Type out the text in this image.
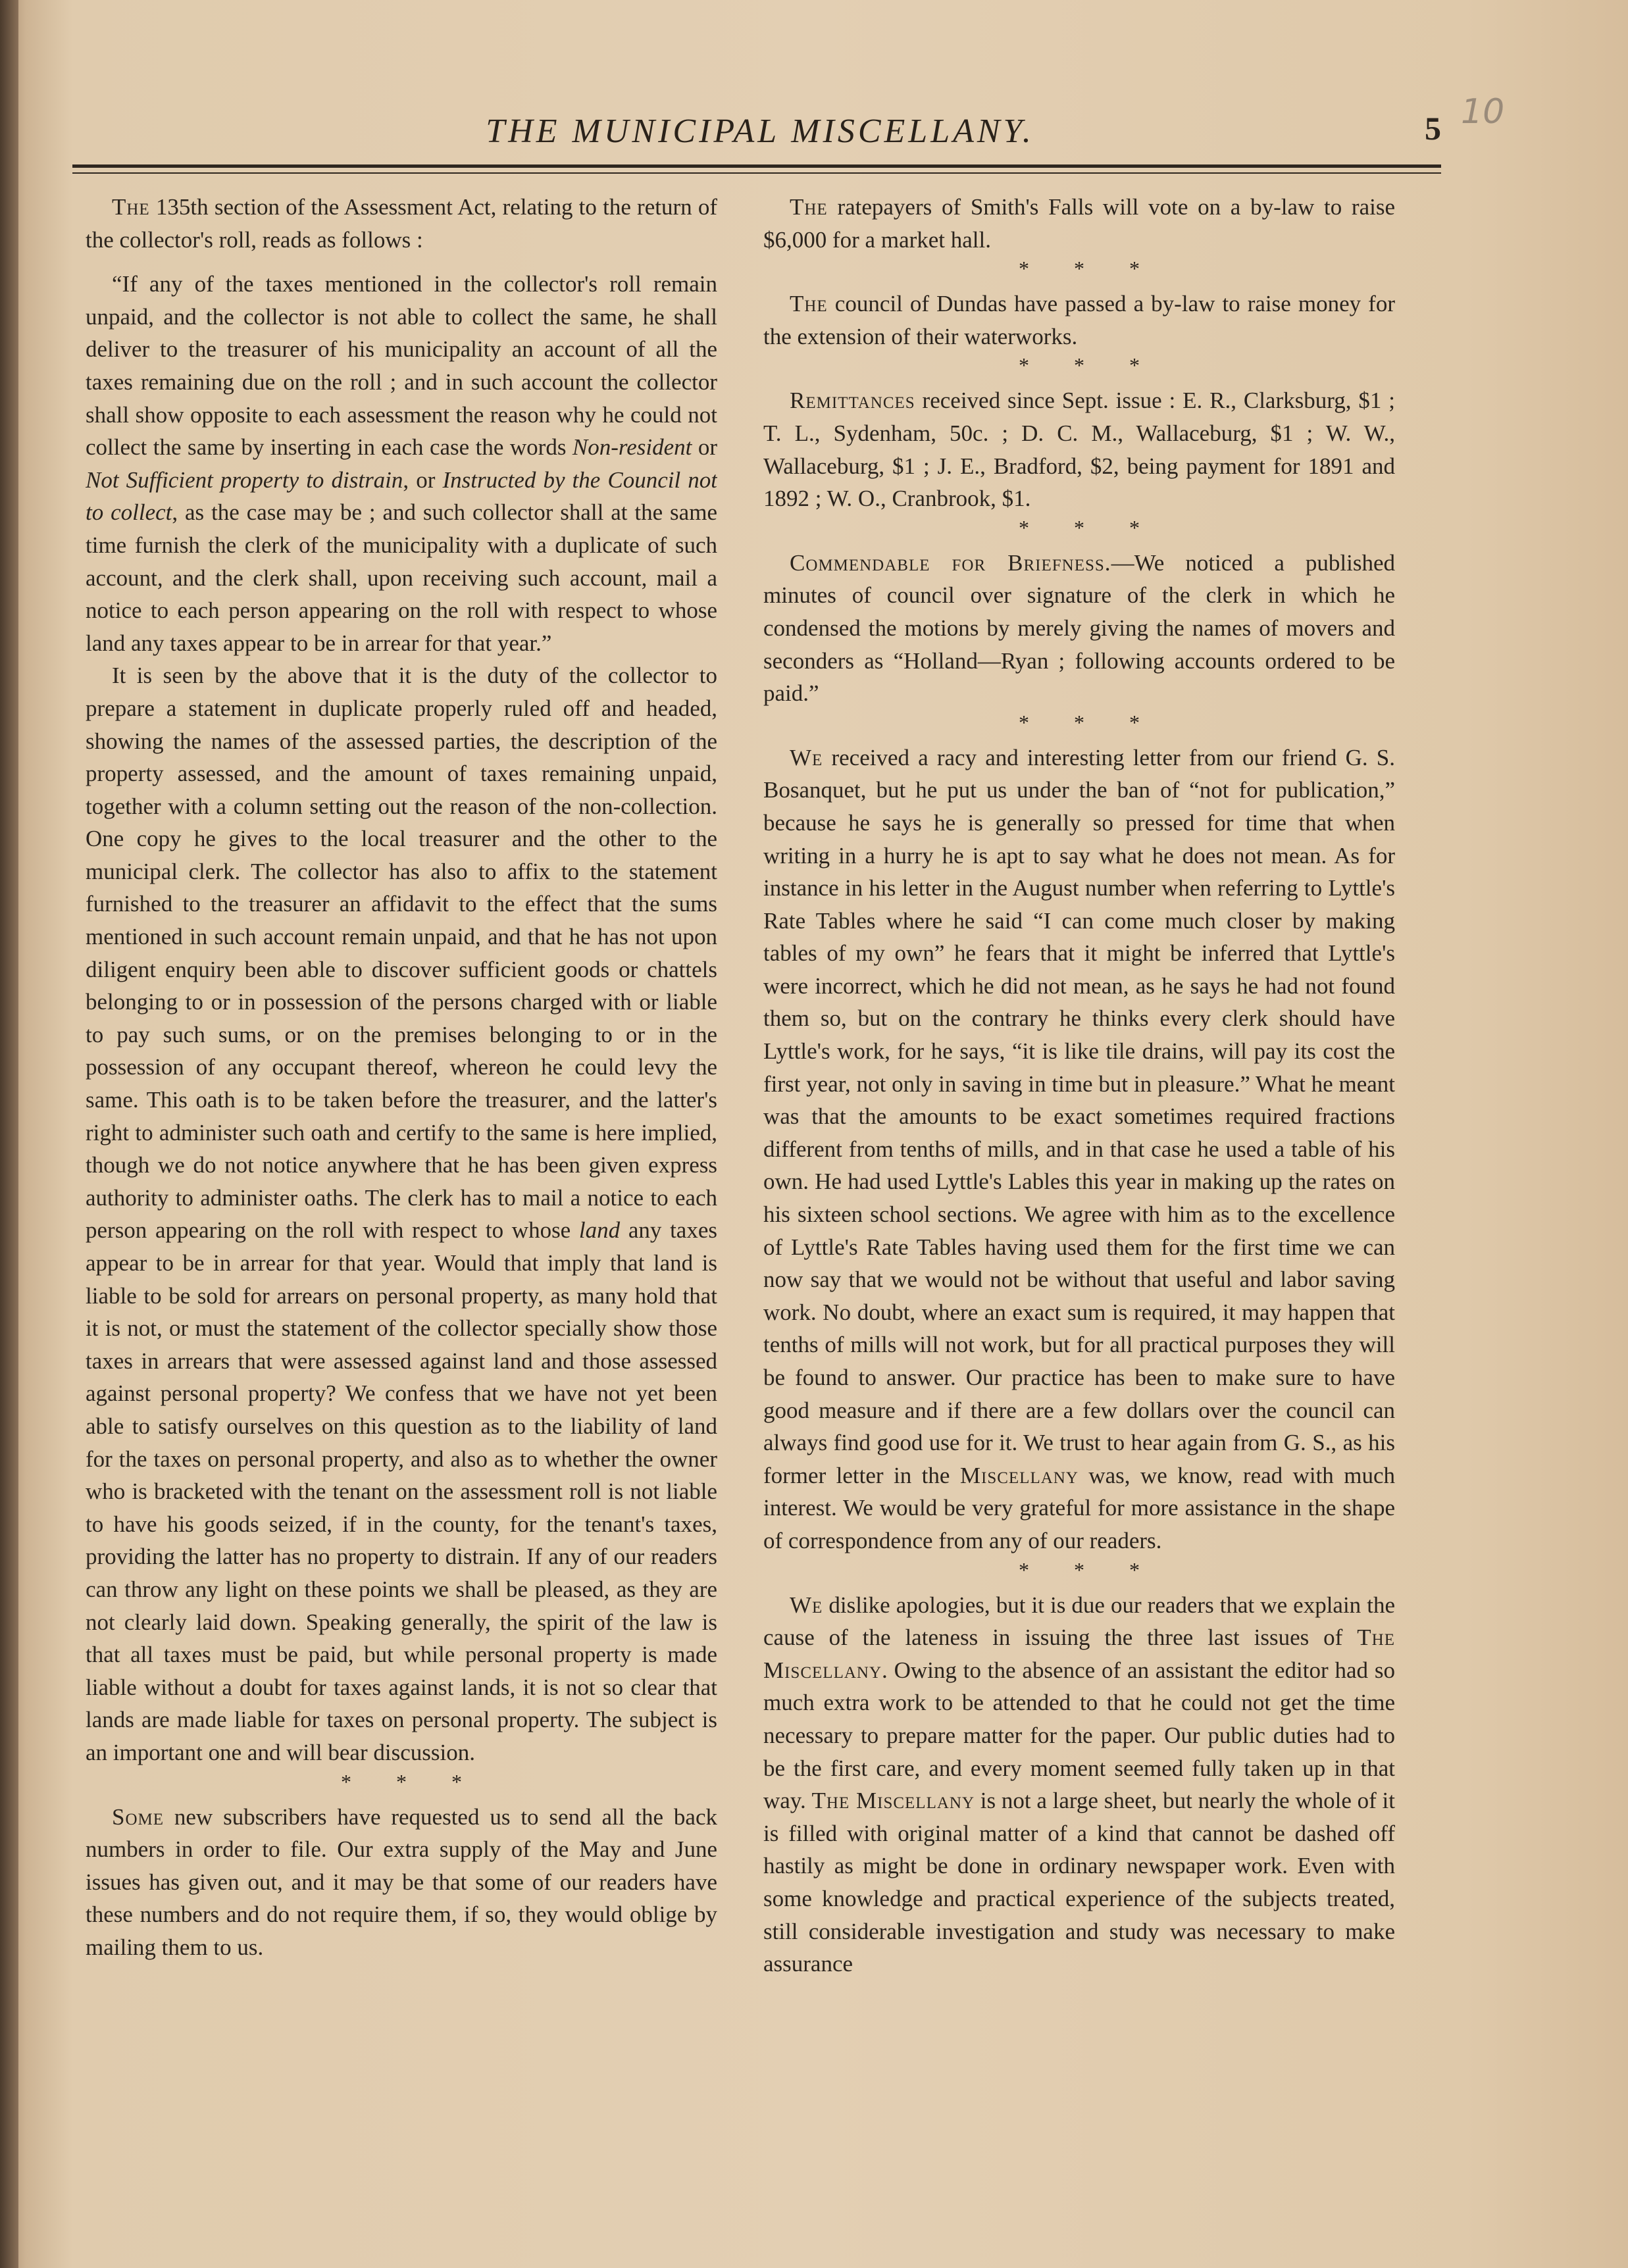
THE MUNICIPAL MISCELLANY.	5 10

The 135th section of the Assessment Act, relating to the return of the collector's roll, reads as follows :

“If any of the taxes mentioned in the collector's roll remain unpaid, and the collector is not able to collect the same, he shall deliver to the treasurer of his municipality an account of all the taxes remaining due on the roll ; and in such account the collector shall show opposite to each assessment the reason why he could not collect the same by inserting in each case the words Non-resident or Not Sufficient property to distrain, or Instructed by the Council not to collect, as the case may be ; and such collector shall at the same time furnish the clerk of the municipality with a duplicate of such account, and the clerk shall, upon receiving such account, mail a notice to each person appearing on the roll with respect to whose land any taxes appear to be in arrear for that year.”

It is seen by the above that it is the duty of the collector to prepare a statement in duplicate properly ruled off and headed, showing the names of the assessed parties, the description of the property assessed, and the amount of taxes remaining unpaid, together with a column setting out the reason of the non-collection. One copy he gives to the local treasurer and the other to the municipal clerk. The collector has also to affix to the statement furnished to the treasurer an affidavit to the effect that the sums mentioned in such account remain unpaid, and that he has not upon diligent enquiry been able to discover sufficient goods or chattels belonging to or in possession of the persons charged with or liable to pay such sums, or on the premises belonging to or in the possession of any occupant thereof, whereon he could levy the same. This oath is to be taken before the treasurer, and the latter's right to administer such oath and certify to the same is here implied, though we do not notice anywhere that he has been given express authority to administer oaths. The clerk has to mail a notice to each person appearing on the roll with respect to whose land any taxes appear to be in arrear for that year. Would that imply that land is liable to be sold for arrears on personal property, as many hold that it is not, or must the statement of the collector specially show those taxes in arrears that were assessed against land and those assessed against personal property? We confess that we have not yet been able to satisfy ourselves on this question as to the liability of land for the taxes on personal property, and also as to whether the owner who is bracketed with the tenant on the assessment roll is not liable to have his goods seized, if in the county, for the tenant's taxes, providing the latter has no property to distrain. If any of our readers can throw any light on these points we shall be pleased, as they are not clearly laid down. Speaking generally, the spirit of the law is that all taxes must be paid, but while personal property is made liable without a doubt for taxes against lands, it is not so clear that lands are made liable for taxes on personal property. The subject is an important one and will bear discussion.

* * *

Some new subscribers have requested us to send all the back numbers in order to file. Our extra supply of the May and June issues has given out, and it may be that some of our readers have these numbers and do not require them, if so, they would oblige by mailing them to us.

The ratepayers of Smith's Falls will vote on a by-law to raise $6,000 for a market hall.

* * *

The council of Dundas have passed a by-law to raise money for the extension of their waterworks.

* * *

Remittances received since Sept. issue : E. R., Clarksburg, $1 ; T. L., Sydenham, 50c. ; D. C. M., Wallaceburg, $1 ; W. W., Wallaceburg, $1 ; J. E., Bradford, $2, being payment for 1891 and 1892 ; W. O., Cranbrook, $1.

* * *

Commendable for Briefness.—We noticed a published minutes of council over signature of the clerk in which he condensed the motions by merely giving the names of movers and seconders as “Holland—Ryan ; following accounts ordered to be paid.”

* * *

We received a racy and interesting letter from our friend G. S. Bosanquet, but he put us under the ban of “not for publication,” because he says he is generally so pressed for time that when writing in a hurry he is apt to say what he does not mean. As for instance in his letter in the August number when referring to Lyttle's Rate Tables where he said “I can come much closer by making tables of my own” he fears that it might be inferred that Lyttle's were incorrect, which he did not mean, as he says he had not found them so, but on the contrary he thinks every clerk should have Lyttle's work, for he says, “it is like tile drains, will pay its cost the first year, not only in saving in time but in pleasure.” What he meant was that the amounts to be exact sometimes required fractions different from tenths of mills, and in that case he used a table of his own. He had used Lyttle's Lables this year in making up the rates on his sixteen school sections. We agree with him as to the excellence of Lyttle's Rate Tables having used them for the first time we can now say that we would not be without that useful and labor saving work. No doubt, where an exact sum is required, it may happen that tenths of mills will not work, but for all practical purposes they will be found to answer. Our practice has been to make sure to have good measure and if there are a few dollars over the council can always find good use for it. We trust to hear again from G. S., as his former letter in the Miscellany was, we know, read with much interest. We would be very grateful for more assistance in the shape of correspondence from any of our readers.

* * *

We dislike apologies, but it is due our readers that we explain the cause of the lateness in issuing the three last issues of The Miscellany. Owing to the absence of an assistant the editor had so much extra work to be attended to that he could not get the time necessary to prepare matter for the paper. Our public duties had to be the first care, and every moment seemed fully taken up in that way. The Miscellany is not a large sheet, but nearly the whole of it is filled with original matter of a kind that cannot be dashed off hastily as might be done in ordinary newspaper work. Even with some knowledge and practical experience of the subjects treated, still considerable investigation and study was necessary to make assurance
